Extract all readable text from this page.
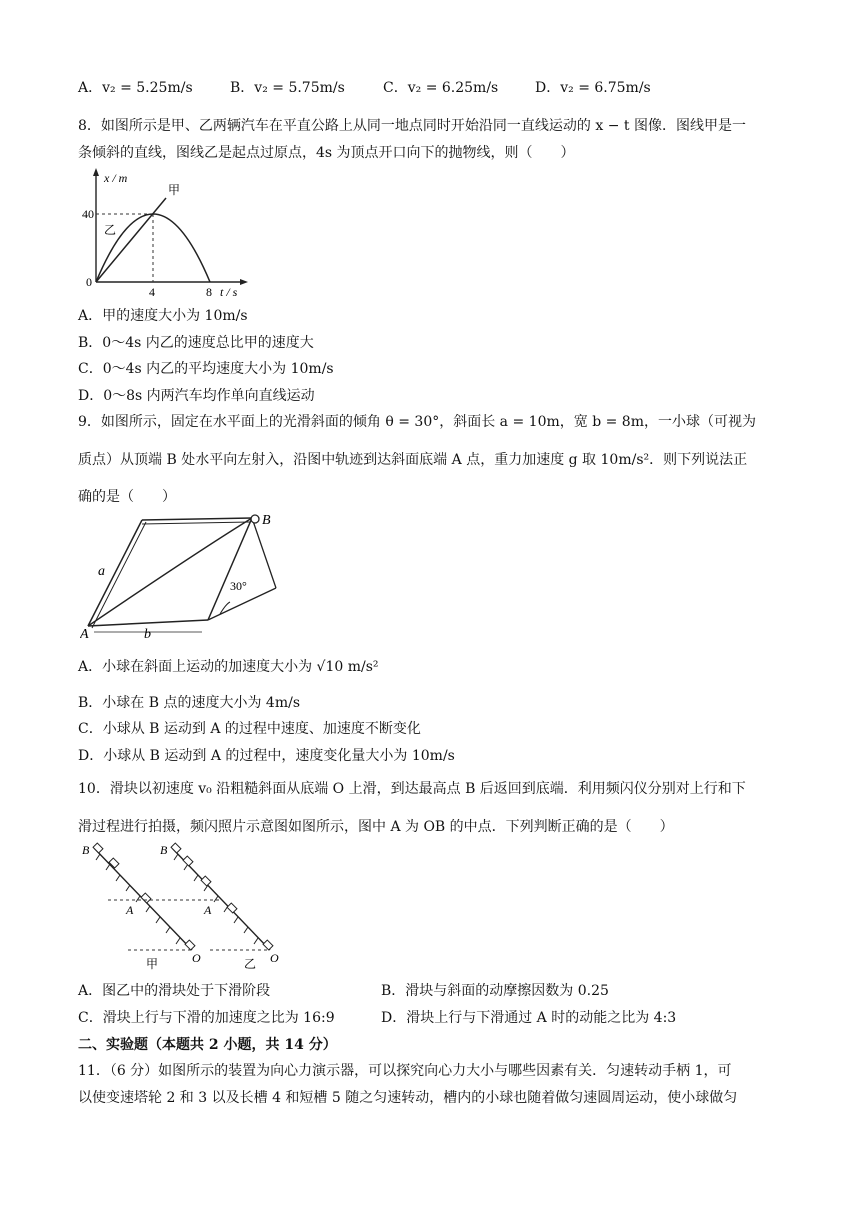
A．v₂ = 5.25m/s	B．v₂ = 5.75m/s	C．v₂ = 6.25m/s	D．v₂ = 6.75m/s
8．如图所示是甲、乙两辆汽车在平直公路上从同一地点同时开始沿同一直线运动的 x − t 图像．图线甲是一
条倾斜的直线，图线乙是起点过原点，4s 为顶点开口向下的抛物线，则（　　）
x / m
t / s
40
4	8
0
甲
乙
A．甲的速度大小为 10m/s
B．0～4s 内乙的速度总比甲的速度大
C．0～4s 内乙的平均速度大小为 10m/s
D．0～8s 内两汽车均作单向直线运动
9．如图所示，固定在水平面上的光滑斜面的倾角 θ = 30°，斜面长 a = 10m，宽 b = 8m，一小球（可视为
质点）从顶端 B 处水平向左射入，沿图中轨迹到达斜面底端 A 点，重力加速度 g 取 10m/s²．则下列说法正
确的是（　　）
a
b
A
B
30°
A．小球在斜面上运动的加速度大小为 √10 m/s²
B．小球在 B 点的速度大小为 4m/s
C．小球从 B 运动到 A 的过程中速度、加速度不断变化
D．小球从 B 运动到 A 的过程中，速度变化量大小为 10m/s
10．滑块以初速度 v₀ 沿粗糙斜面从底端 O 上滑，到达最高点 B 后返回到底端．利用频闪仪分别对上行和下
滑过程进行拍摄，频闪照片示意图如图所示，图中 A 为 OB 的中点．下列判断正确的是（　　）
B
A
O
甲
B
A
O
乙
A．图乙中的滑块处于下滑阶段	B．滑块与斜面的动摩擦因数为 0.25
C．滑块上行与下滑的加速度之比为 16:9	D．滑块上行与下滑通过 A 时的动能之比为 4:3
二、实验题（本题共 2 小题，共 14 分）
11．（6 分）如图所示的装置为向心力演示器，可以探究向心力大小与哪些因素有关．匀速转动手柄 1，可
以使变速塔轮 2 和 3 以及长槽 4 和短槽 5 随之匀速转动，槽内的小球也随着做匀速圆周运动，使小球做匀
